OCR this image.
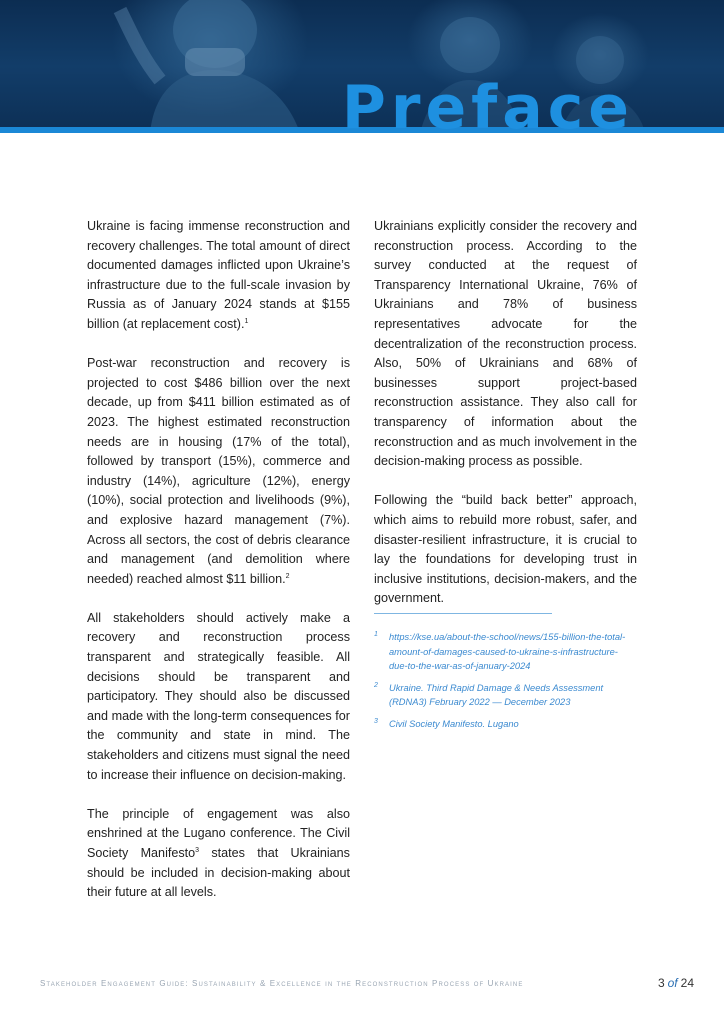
Preface

Ukraine is facing immense reconstruction and recovery challenges. The total amount of direct documented damages inflicted upon Ukraine’s infrastructure due to the full-scale invasion by Russia as of January 2024 stands at $155 billion (at replacement cost).$^1$

Post-war reconstruction and recovery is projected to cost $486 billion over the next decade, up from $411 billion estimated as of 2023. The highest estimated reconstruction needs are in housing (17% of the total), followed by transport (15%), commerce and industry (14%), agriculture (12%), energy (10%), social protection and livelihoods (9%), and explosive hazard management (7%). Across all sectors, the cost of debris clearance and management (and demolition where needed) reached almost $11 billion.$^2$

All stakeholders should actively make a recovery and reconstruction process transparent and strategically feasible. All decisions should be transparent and participatory. They should also be discussed and made with the long-term consequences for the community and state in mind. The stakeholders and citizens must signal the need to increase their influence on decision-making.

The principle of engagement was also enshrined at the Lugano conference. The Civil Society Manifesto$^3$ states that Ukrainians should be included in decision-making about their future at all levels.

Ukrainians explicitly consider the recovery and reconstruction process. According to the survey conducted at the request of Transparency International Ukraine, 76% of Ukrainians and 78% of business representatives advocate for the decentralization of the reconstruction process. Also, 50% of Ukrainians and 68% of businesses support project-based reconstruction assistance. They also call for transparency of information about the reconstruction and as much involvement in the decision-making process as possible.

Following the “build back better” approach, which aims to rebuild more robust, safer, and disaster-resilient infrastructure, it is crucial to lay the foundations for developing trust in inclusive institutions, decision-makers, and the government.

1	https://kse.ua/about-the-school/news/155-billion-the-total-amount-of-damages-caused-to-ukraine-s-infrastructure-due-to-the-war-as-of-january-2024
2	Ukraine. Third Rapid Damage & Needs Assessment (RDNA3) February 2022 — December 2023
3	Civil Society Manifesto. Lugano
Stakeholder Engagement Guide: Sustainability & Excellence in the Reconstruction Process of Ukraine	3 of 24
